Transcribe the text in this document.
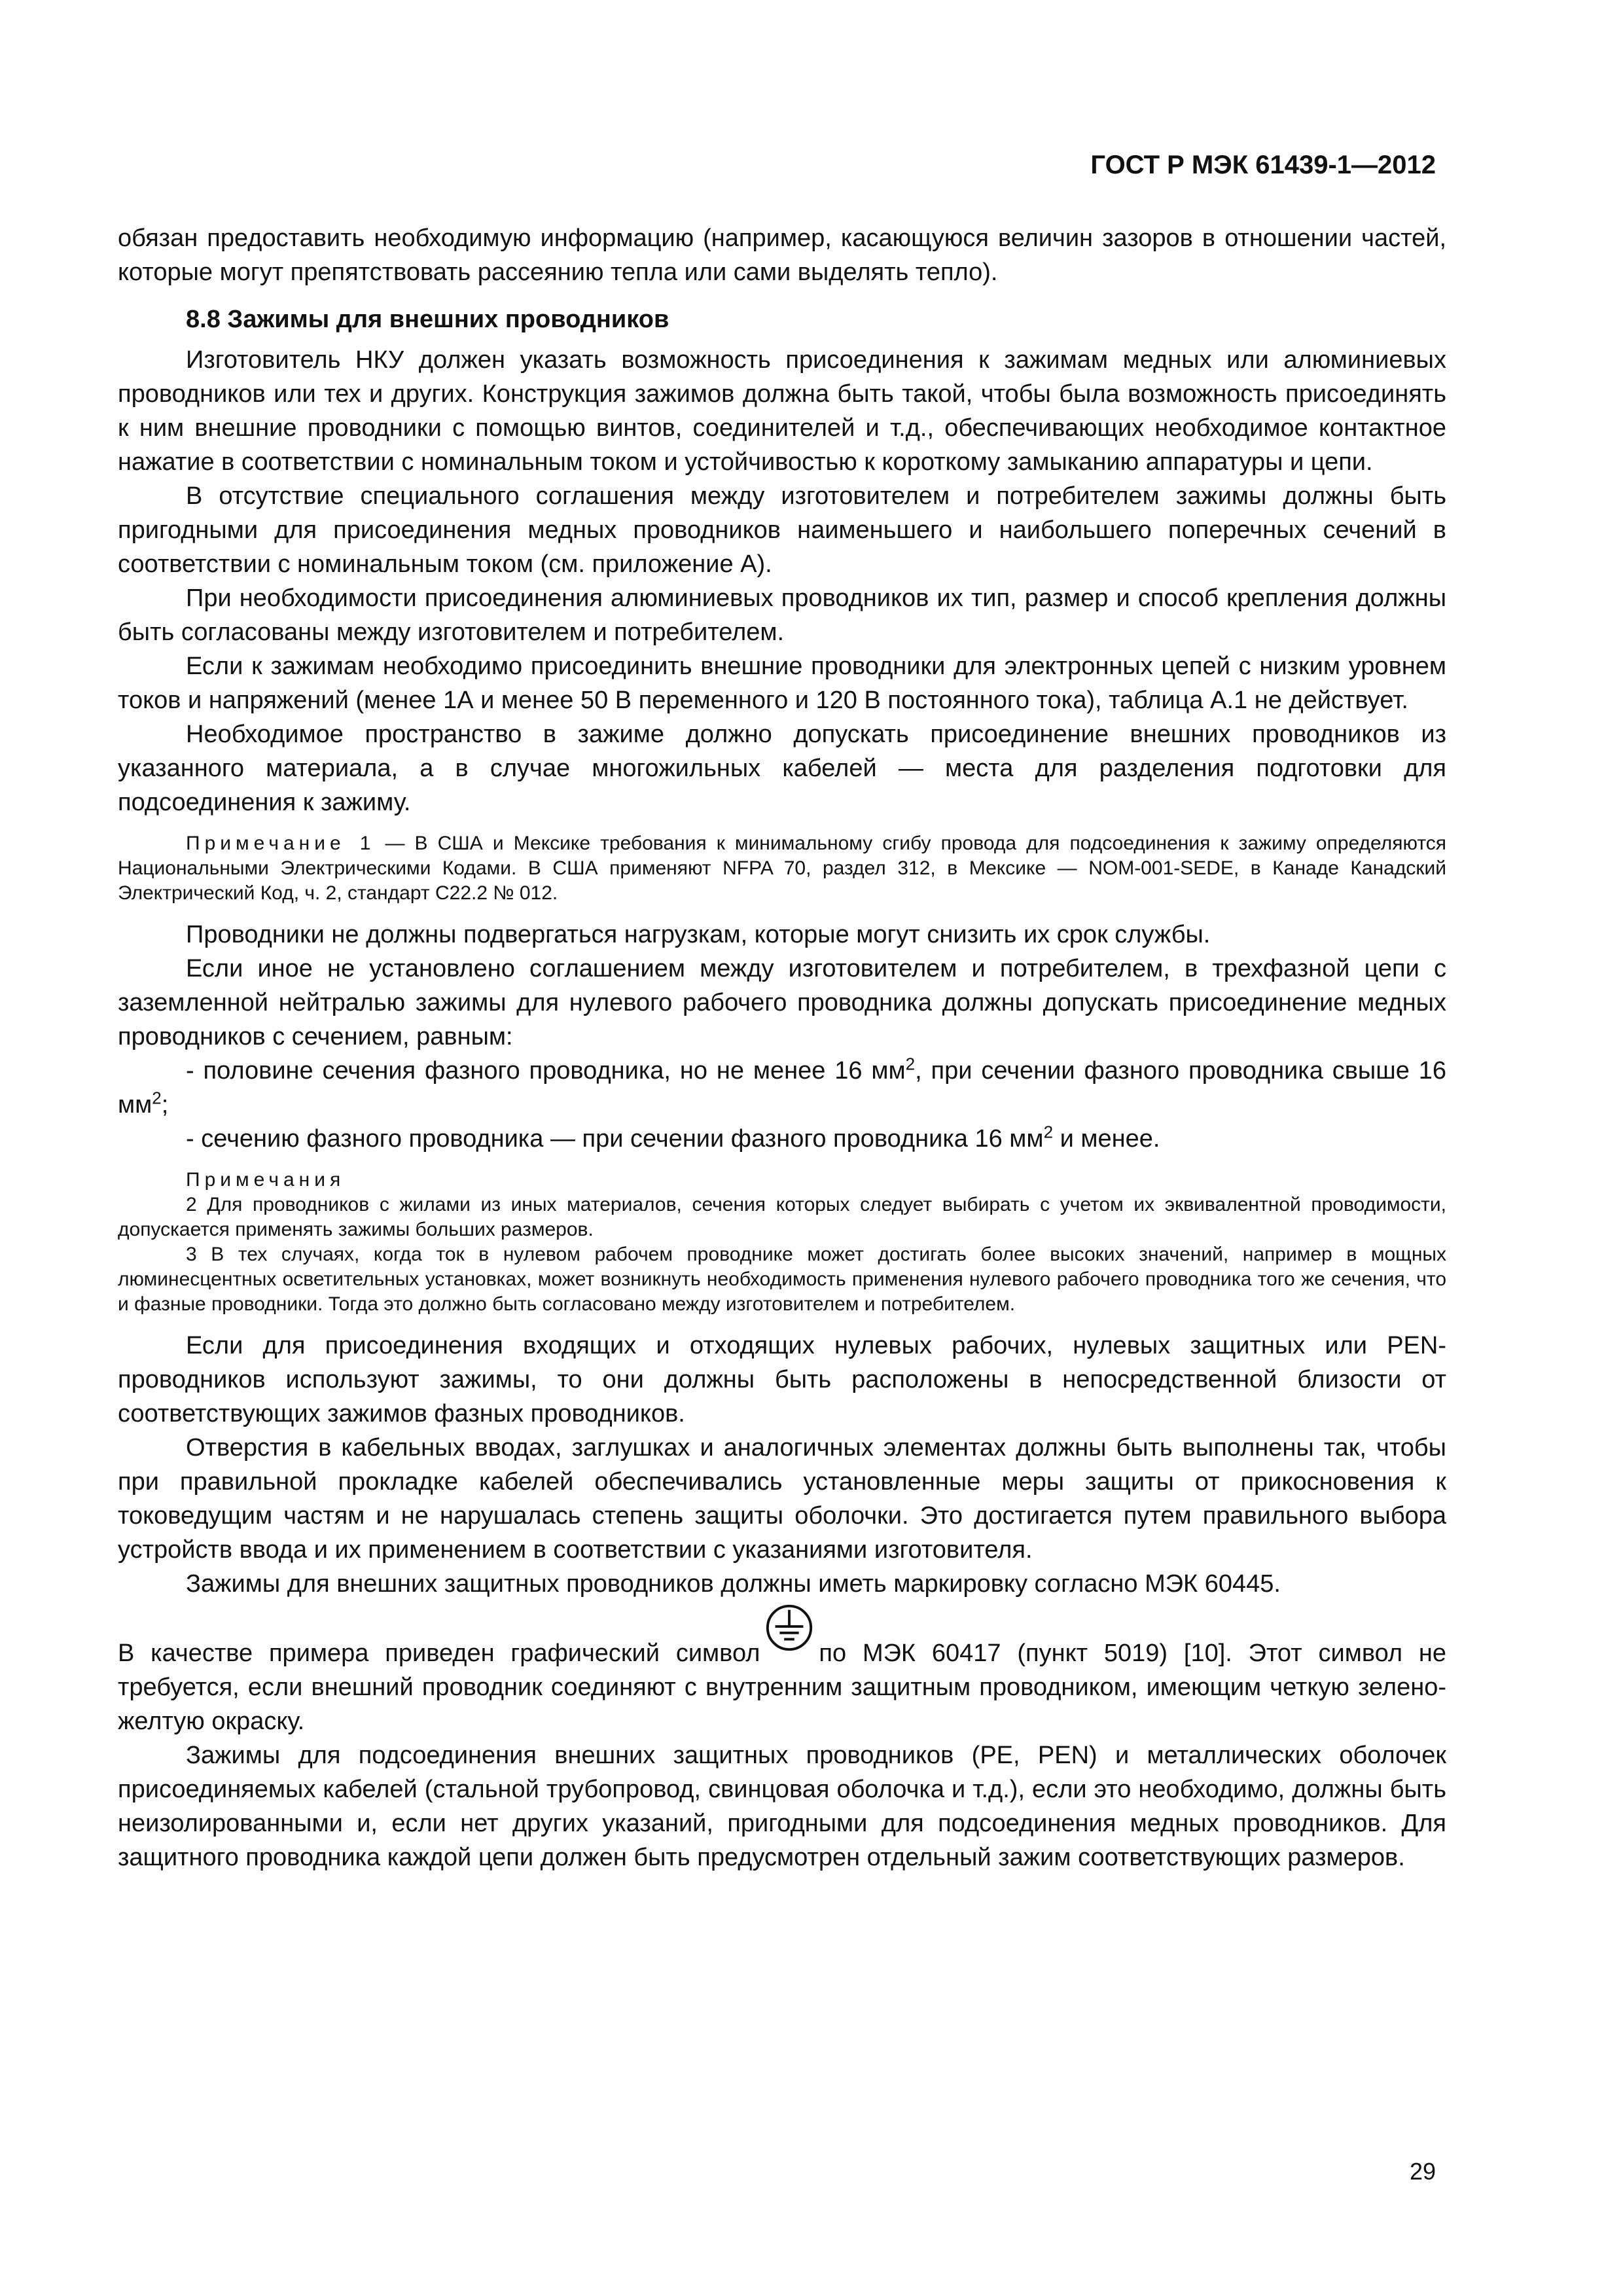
ГОСТ Р МЭК 61439-1—2012

обязан предоставить необходимую информацию (например, касающуюся величин зазоров в отношении частей, которые могут препятствовать рассеянию тепла или сами выделять тепло).

8.8 Зажимы для внешних проводников

Изготовитель НКУ должен указать возможность присоединения к зажимам медных или алюминиевых проводников или тех и других. Конструкция зажимов должна быть такой, чтобы была возможность присоединять к ним внешние проводники с помощью винтов, соединителей и т.д., обеспечивающих необходимое контактное нажатие в соответствии с номинальным током и устойчивостью к короткому замыканию аппаратуры и цепи.

В отсутствие специального соглашения между изготовителем и потребителем зажимы должны быть пригодными для присоединения медных проводников наименьшего и наибольшего поперечных сечений в соответствии с номинальным током (см. приложение А).

При необходимости присоединения алюминиевых проводников их тип, размер и способ крепления должны быть согласованы между изготовителем и потребителем.

Если к зажимам необходимо присоединить внешние проводники для электронных цепей с низким уровнем токов и напряжений (менее 1А и менее 50 В переменного и 120 В постоянного тока), таблица А.1 не действует.

Необходимое пространство в зажиме должно допускать присоединение внешних проводников из указанного материала, а в случае многожильных кабелей — места для разделения подготовки для подсоединения к зажиму.

Примечание 1 — В США и Мексике требования к минимальному сгибу провода для подсоединения к зажиму определяются Национальными Электрическими Кодами. В США применяют NFPA 70, раздел 312, в Мексике — NOM-001-SEDE, в Канаде Канадский Электрический Код, ч. 2, стандарт С22.2 № 012.

Проводники не должны подвергаться нагрузкам, которые могут снизить их срок службы.

Если иное не установлено соглашением между изготовителем и потребителем, в трехфазной цепи с заземленной нейтралью зажимы для нулевого рабочего проводника должны допускать присоединение медных проводников с сечением, равным:

- половине сечения фазного проводника, но не менее 16 $мм^2$, при сечении фазного проводника свыше 16 $мм^2$;

- сечению фазного проводника — при сечении фазного проводника 16 $мм^2$ и менее.

Примечания

2 Для проводников с жилами из иных материалов, сечения которых следует выбирать с учетом их эквивалентной проводимости, допускается применять зажимы больших размеров.

3 В тех случаях, когда ток в нулевом рабочем проводнике может достигать более высоких значений, например в мощных люминесцентных осветительных установках, может возникнуть необходимость применения нулевого рабочего проводника того же сечения, что и фазные проводники. Тогда это должно быть согласовано между изготовителем и потребителем.

Если для присоединения входящих и отходящих нулевых рабочих, нулевых защитных или PEN-проводников используют зажимы, то они должны быть расположены в непосредственной близости от соответствующих зажимов фазных проводников.

Отверстия в кабельных вводах, заглушках и аналогичных элементах должны быть выполнены так, чтобы при правильной прокладке кабелей обеспечивались установленные меры защиты от прикосновения к токоведущим частям и не нарушалась степень защиты оболочки. Это достигается путем правильного выбора устройств ввода и их применением в соответствии с указаниями изготовителя.

Зажимы для внешних защитных проводников должны иметь маркировку согласно МЭК 60445.

В качестве примера приведен графический символ по МЭК 60417 (пункт 5019) [10]. Этот символ не требуется, если внешний проводник соединяют с внутренним защитным проводником, имеющим четкую зелено-желтую окраску.

Зажимы для подсоединения внешних защитных проводников (PE, PEN) и металлических оболочек присоединяемых кабелей (стальной трубопровод, свинцовая оболочка и т.д.), если это необходимо, должны быть неизолированными и, если нет других указаний, пригодными для подсоединения медных проводников. Для защитного проводника каждой цепи должен быть предусмотрен отдельный зажим соответствующих размеров.

29
